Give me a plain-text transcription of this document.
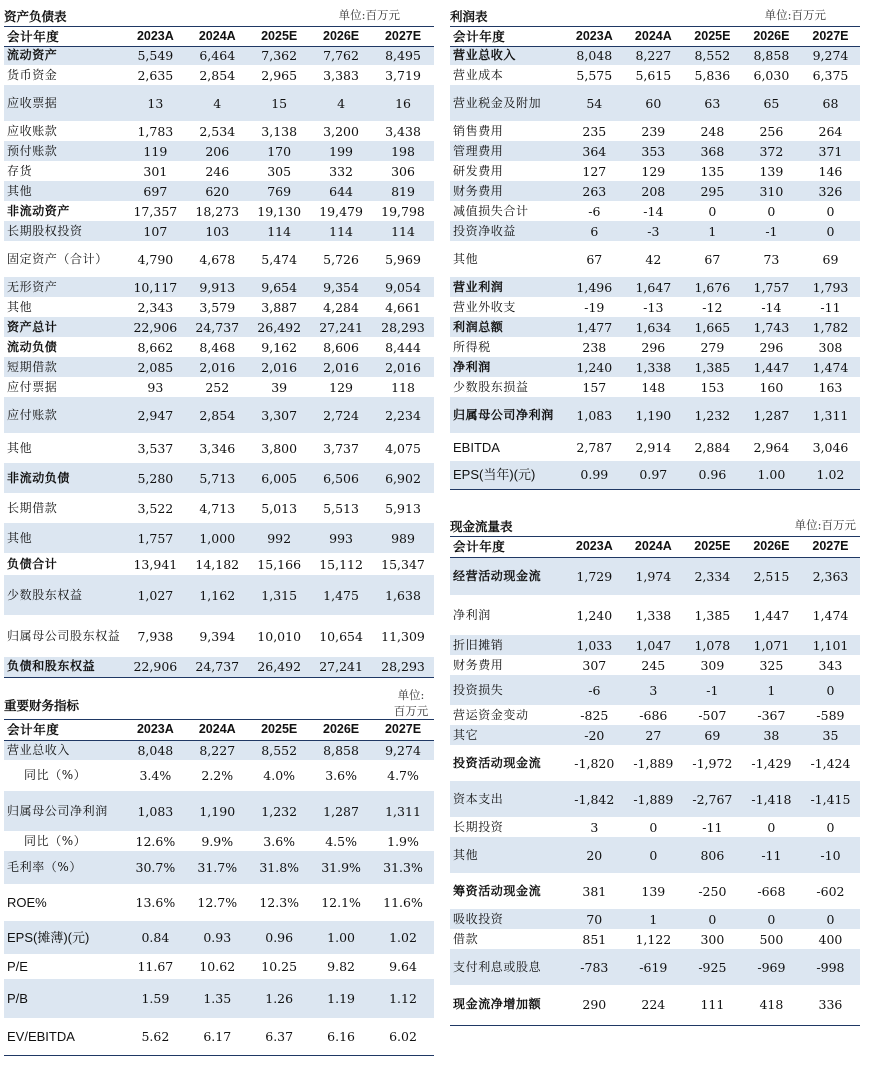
资产负债表	单位:百万元
会计年度	2023A	2024A	2025E	2026E	2027E
流动资产	5,549	6,464	7,362	7,762	8,495
货币资金	2,635	2,854	2,965	3,383	3,719
应收票据	13	4	15	4	16
应收账款	1,783	2,534	3,138	3,200	3,438
预付账款	119	206	170	199	198
存货	301	246	305	332	306
其他	697	620	769	644	819
非流动资产	17,357	18,273	19,130	19,479	19,798
长期股权投资	107	103	114	114	114
固定资产（合计）	4,790	4,678	5,474	5,726	5,969
无形资产	10,117	9,913	9,654	9,354	9,054
其他	2,343	3,579	3,887	4,284	4,661
资产总计	22,906	24,737	26,492	27,241	28,293
流动负债	8,662	8,468	9,162	8,606	8,444
短期借款	2,085	2,016	2,016	2,016	2,016
应付票据	93	252	39	129	118
应付账款	2,947	2,854	3,307	2,724	2,234
其他	3,537	3,346	3,800	3,737	4,075
非流动负债	5,280	5,713	6,005	6,506	6,902
长期借款	3,522	4,713	5,013	5,513	5,913
其他	1,757	1,000	992	993	989
负债合计	13,941	14,182	15,166	15,112	15,347
少数股东权益	1,027	1,162	1,315	1,475	1,638
归属母公司股东权益	7,938	9,394	10,010	10,654	11,309
负债和股东权益	22,906	24,737	26,492	27,241	28,293
重要财务指标
单位:百万元
会计年度	2023A	2024A	2025E	2026E	2027E
营业总收入	8,048	8,227	8,552	8,858	9,274
同比（%）	3.4%	2.2%	4.0%	3.6%	4.7%
归属母公司净利润	1,083	1,190	1,232	1,287	1,311
同比（%）	12.6%	9.9%	3.6%	4.5%	1.9%
毛利率（%）	30.7%	31.7%	31.8%	31.9%	31.3%
ROE%	13.6%	12.7%	12.3%	12.1%	11.6%
EPS(摊薄)(元)	0.84	0.93	0.96	1.00	1.02
P/E	11.67	10.62	10.25	9.82	9.64
P/B	1.59	1.35	1.26	1.19	1.12
EV/EBITDA	5.62	6.17	6.37	6.16	6.02
利润表	单位:百万元
会计年度	2023A	2024A	2025E	2026E	2027E
营业总收入	8,048	8,227	8,552	8,858	9,274
营业成本	5,575	5,615	5,836	6,030	6,375
营业税金及附加	54	60	63	65	68
销售费用	235	239	248	256	264
管理费用	364	353	368	372	371
研发费用	127	129	135	139	146
财务费用	263	208	295	310	326
减值损失合计	-6	-14	0	0	0
投资净收益	6	-3	1	-1	0
其他	67	42	67	73	69
营业利润	1,496	1,647	1,676	1,757	1,793
营业外收支	-19	-13	-12	-14	-11
利润总额	1,477	1,634	1,665	1,743	1,782
所得税	238	296	279	296	308
净利润	1,240	1,338	1,385	1,447	1,474
少数股东损益	157	148	153	160	163
归属母公司净利润	1,083	1,190	1,232	1,287	1,311
EBITDA	2,787	2,914	2,884	2,964	3,046
EPS(当年)(元)	0.99	0.97	0.96	1.00	1.02
现金流量表	单位:百万元
会计年度	2023A	2024A	2025E	2026E	2027E
经营活动现金流	1,729	1,974	2,334	2,515	2,363
净利润	1,240	1,338	1,385	1,447	1,474
折旧摊销	1,033	1,047	1,078	1,071	1,101
财务费用	307	245	309	325	343
投资损失	-6	3	-1	1	0
营运资金变动	-825	-686	-507	-367	-589
其它	-20	27	69	38	35
投资活动现金流	-1,820	-1,889	-1,972	-1,429	-1,424
资本支出	-1,842	-1,889	-2,767	-1,418	-1,415
长期投资	3	0	-11	0	0
其他	20	0	806	-11	-10
筹资活动现金流	381	139	-250	-668	-602
吸收投资	70	1	0	0	0
借款	851	1,122	300	500	400
支付利息或股息	-783	-619	-925	-969	-998
现金流净增加额	290	224	111	418	336
